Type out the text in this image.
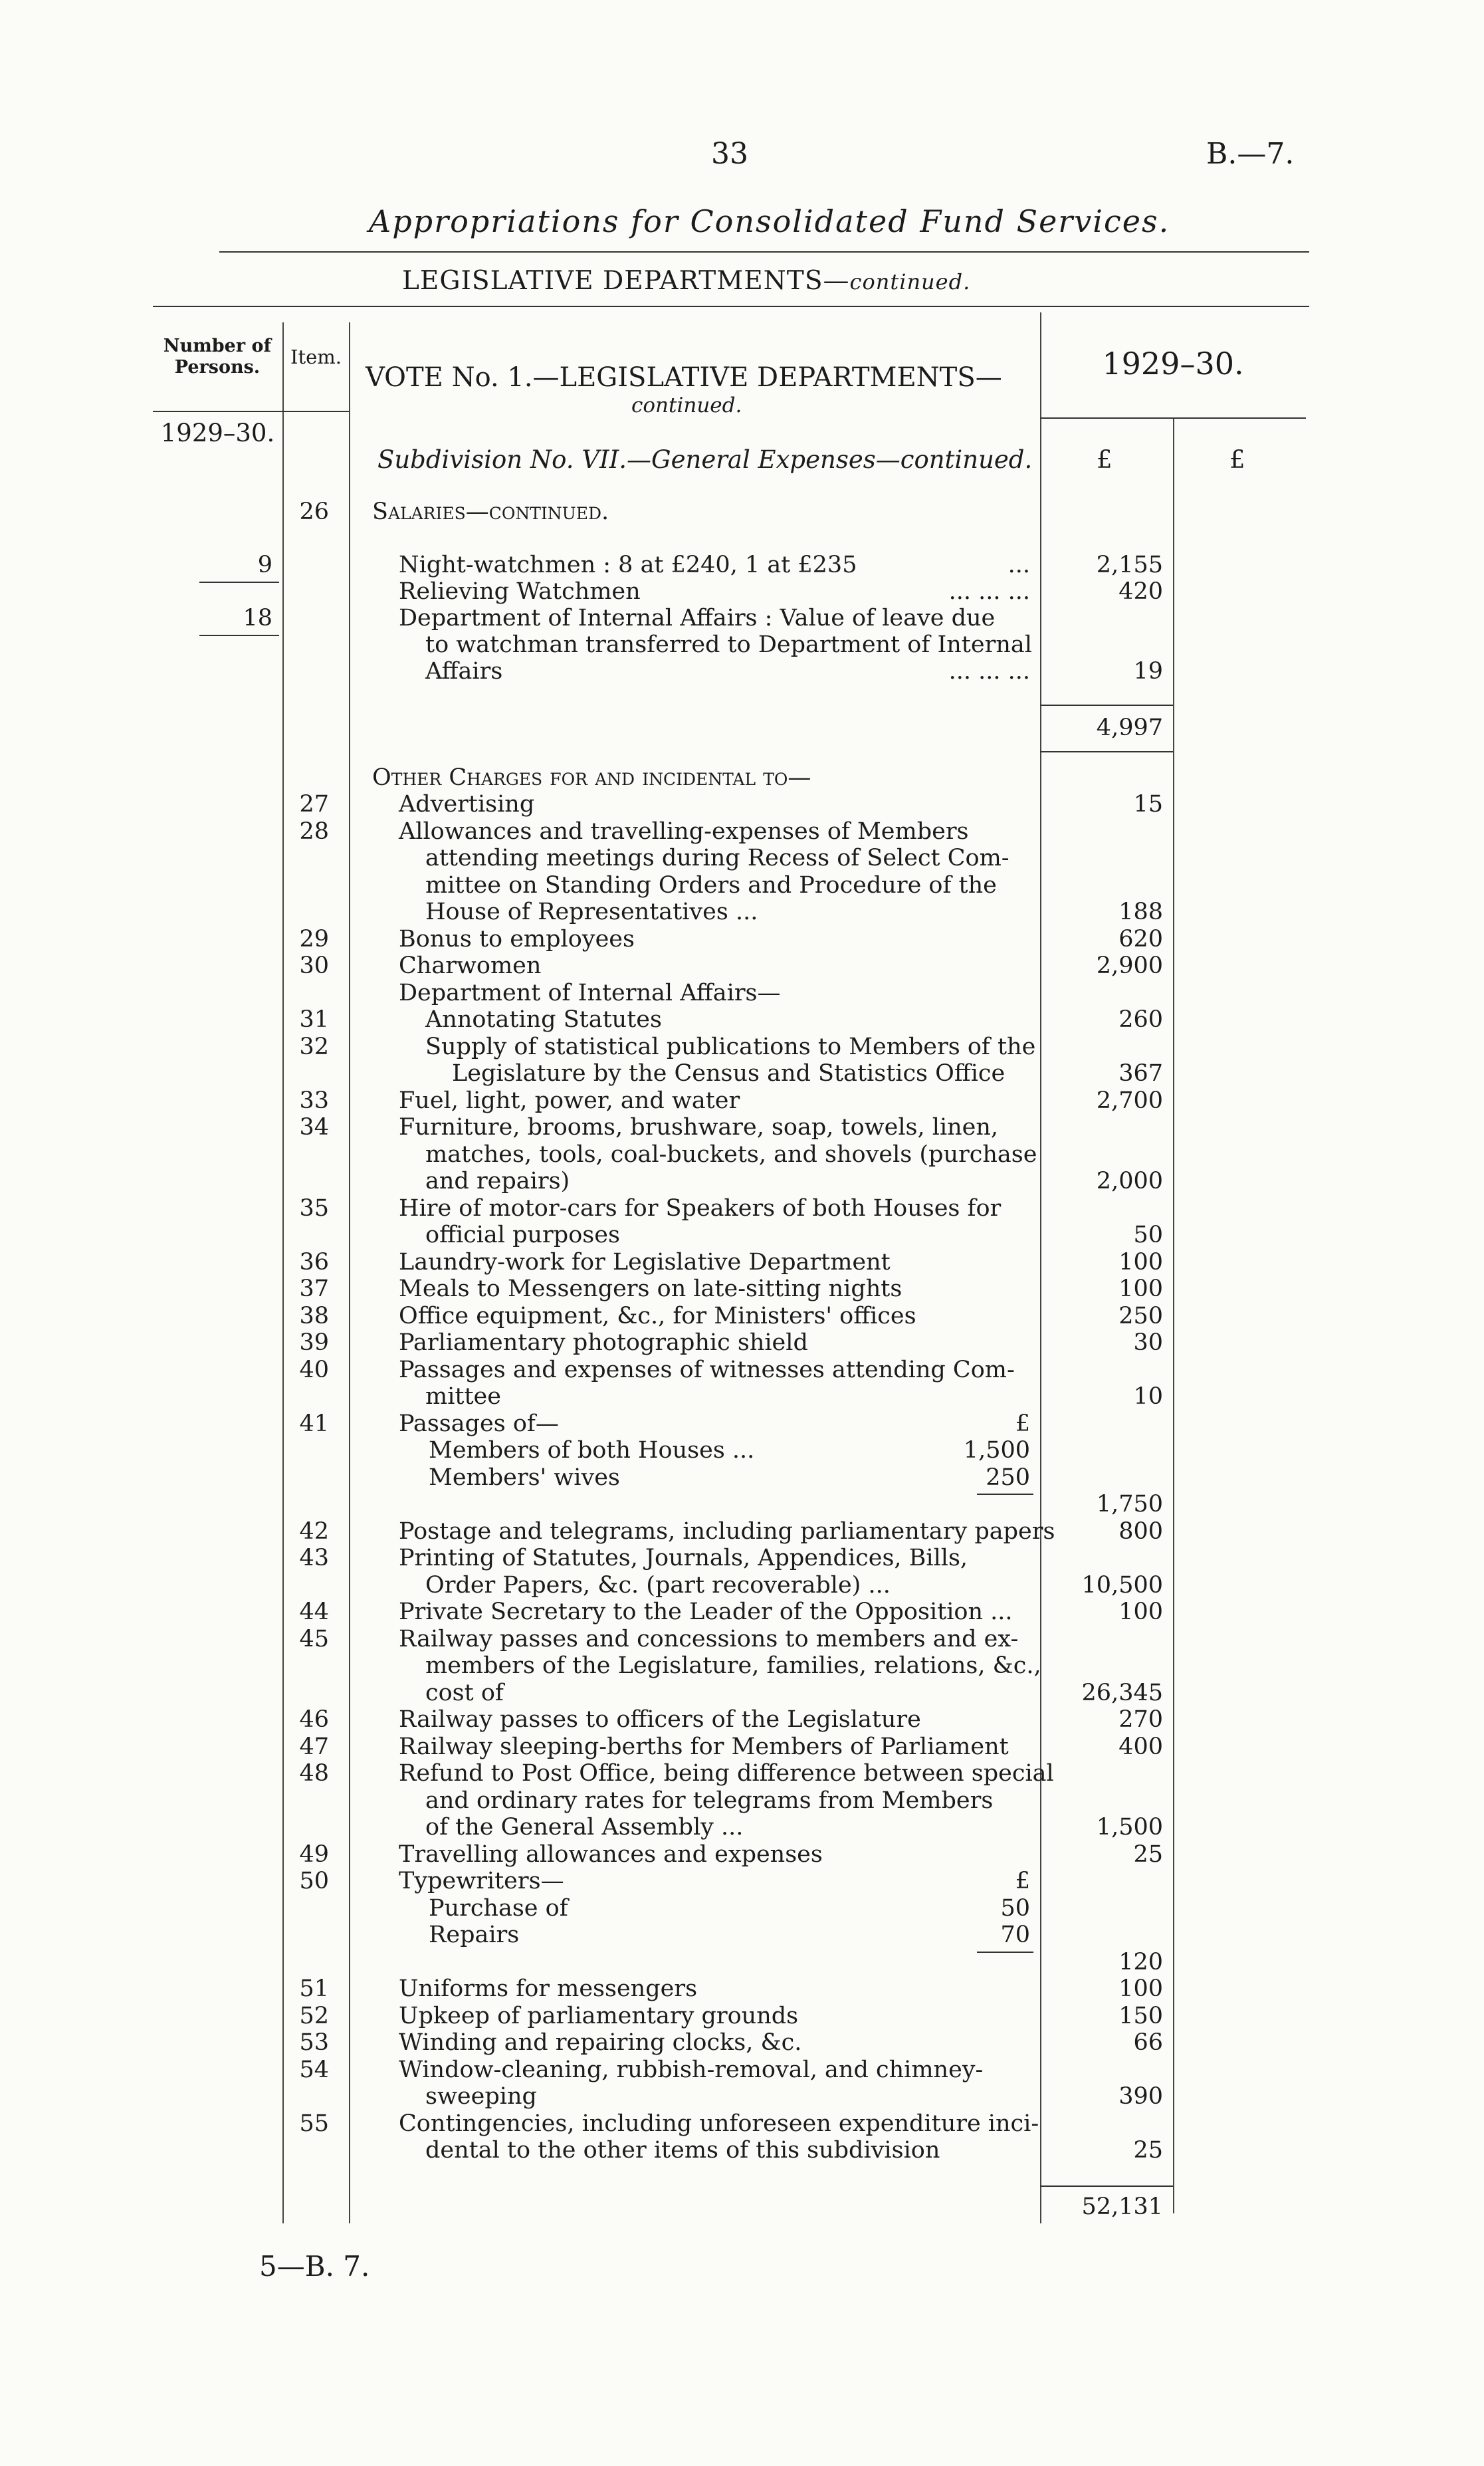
33	B.—7.
Appropriations for Consolidated Fund Services.
LEGISLATIVE DEPARTMENTS—continued.
Number of Persons.	Item.
VOTE No. 1.—LEGISLATIVE DEPARTMENTS—
continued.
1929–30.
1929–30.
£	£
Subdivision No. VII.—General Expenses—continued.
26 Salaries—continued.
9	Night-watchmen : 8 at £240, 1 at £235	...	2,155
Relieving Watchmen	... ... ...	420
18	Department of Internal Affairs : Value of leave due
to watchman transferred to Department of Internal
Affairs	... ... ...	19
4,997
Other Charges for and incidental to—
27	Advertising	15
28	Allowances and travelling-expenses of Members
attending meetings during Recess of Select Com-
mittee on Standing Orders and Procedure of the
House of Representatives ...	188
29	Bonus to employees	620
30	Charwomen	2,900
Department of Internal Affairs—
31	Annotating Statutes	260
32	Supply of statistical publications to Members of the
Legislature by the Census and Statistics Office	367
33	Fuel, light, power, and water	2,700
34	Furniture, brooms, brushware, soap, towels, linen,
matches, tools, coal-buckets, and shovels (purchase
and repairs)	2,000
35	Hire of motor-cars for Speakers of both Houses for
official purposes	50
36	Laundry-work for Legislative Department	100
37	Meals to Messengers on late-sitting nights	100
38	Office equipment, &c., for Ministers' offices	250
39	Parliamentary photographic shield	30
40	Passages and expenses of witnesses attending Com-
mittee	10
41	Passages of—	£
Members of both Houses ...	1,500
Members' wives	250
1,750
42	Postage and telegrams, including parliamentary papers	800
43	Printing of Statutes, Journals, Appendices, Bills,
Order Papers, &c. (part recoverable) ...	10,500
44	Private Secretary to the Leader of the Opposition ...	100
45	Railway passes and concessions to members and ex-
members of the Legislature, families, relations, &c.,
cost of	26,345
46	Railway passes to officers of the Legislature	270
47	Railway sleeping-berths for Members of Parliament	400
48	Refund to Post Office, being difference between special
and ordinary rates for telegrams from Members
of the General Assembly ...	1,500
49	Travelling allowances and expenses	25
50	Typewriters—	£
Purchase of	50
Repairs	70
120
51	Uniforms for messengers	100
52	Upkeep of parliamentary grounds	150
53	Winding and repairing clocks, &c.	66
54	Window-cleaning, rubbish-removal, and chimney-
sweeping	390
55	Contingencies, including unforeseen expenditure inci-
dental to the other items of this subdivision	25
52,131
5—B. 7.
